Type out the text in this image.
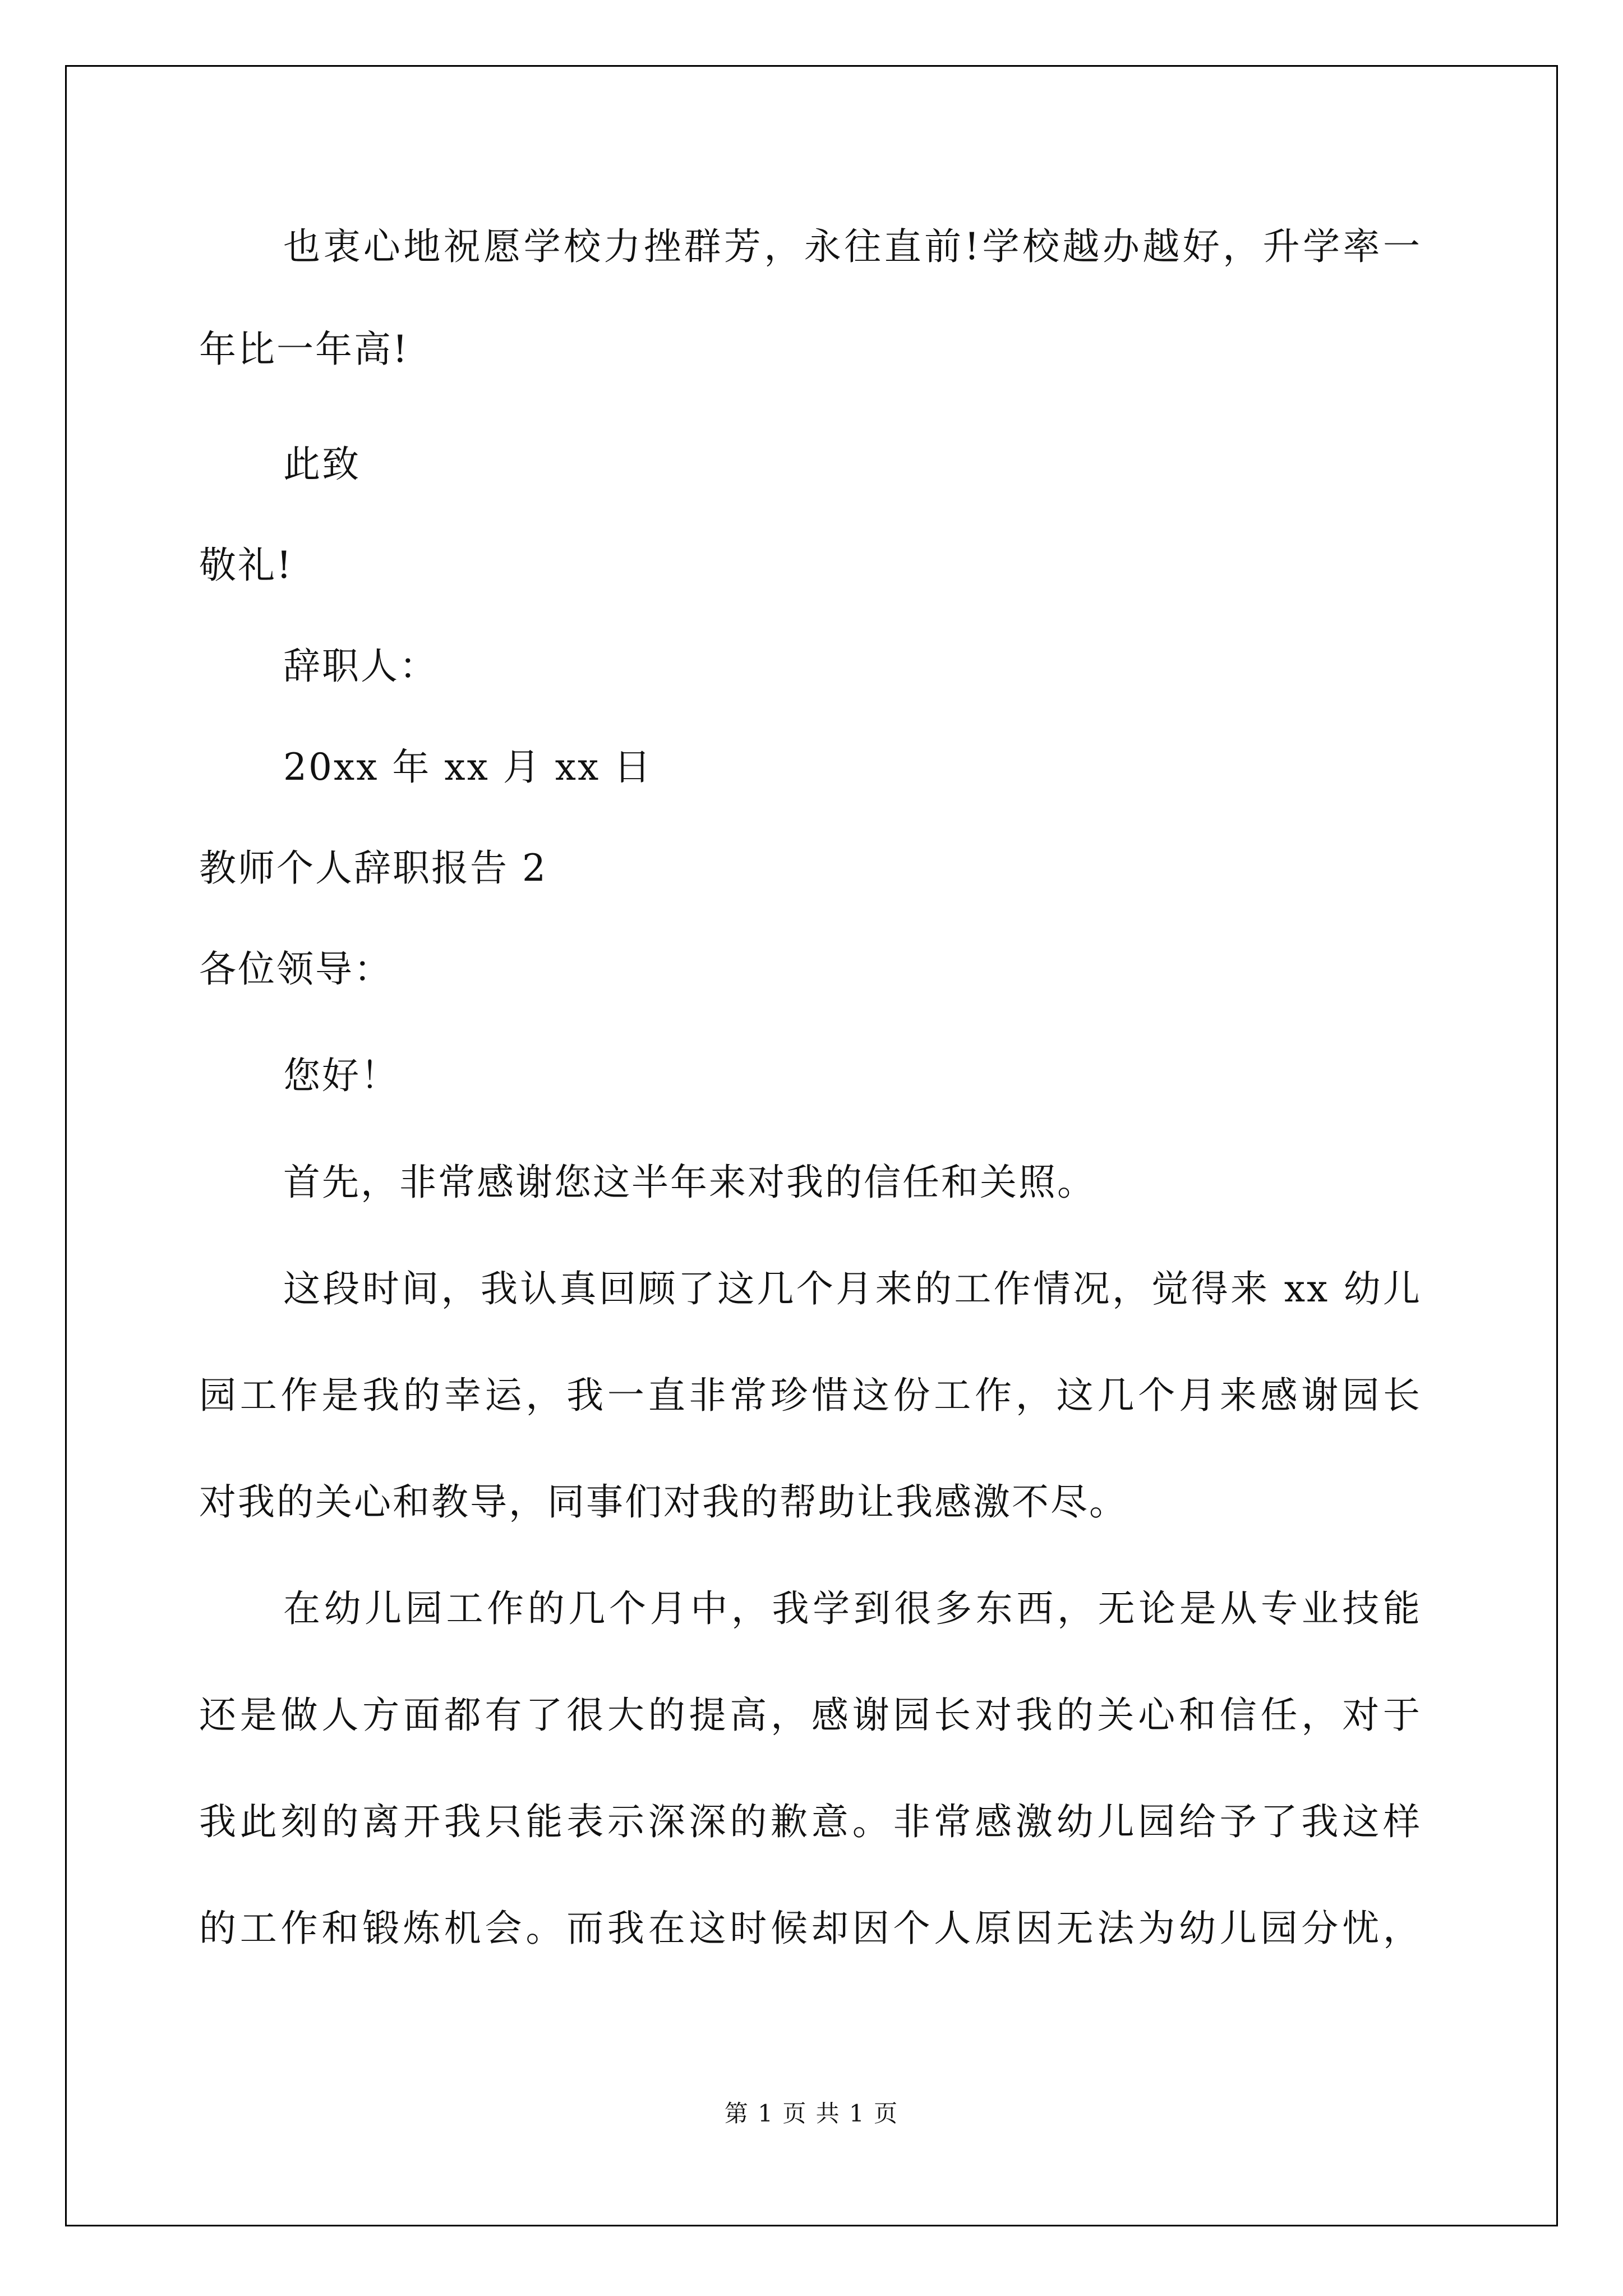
也衷心地祝愿学校力挫群芳，永往直前!学校越办越好，升学率一
年比一年高!
此致
敬礼!
辞职人：
20xx 年 xx 月 xx 日
教师个人辞职报告 2
各位领导：
您好！
首先，非常感谢您这半年来对我的信任和关照。
这段时间，我认真回顾了这几个月来的工作情况，觉得来 xx 幼儿
园工作是我的幸运，我一直非常珍惜这份工作，这几个月来感谢园长
对我的关心和教导，同事们对我的帮助让我感激不尽。
在幼儿园工作的几个月中，我学到很多东西，无论是从专业技能
还是做人方面都有了很大的提高，感谢园长对我的关心和信任，对于
我此刻的离开我只能表示深深的歉意。非常感激幼儿园给予了我这样
的工作和锻炼机会。而我在这时候却因个人原因无法为幼儿园分忧，
第 1 页 共 1 页
